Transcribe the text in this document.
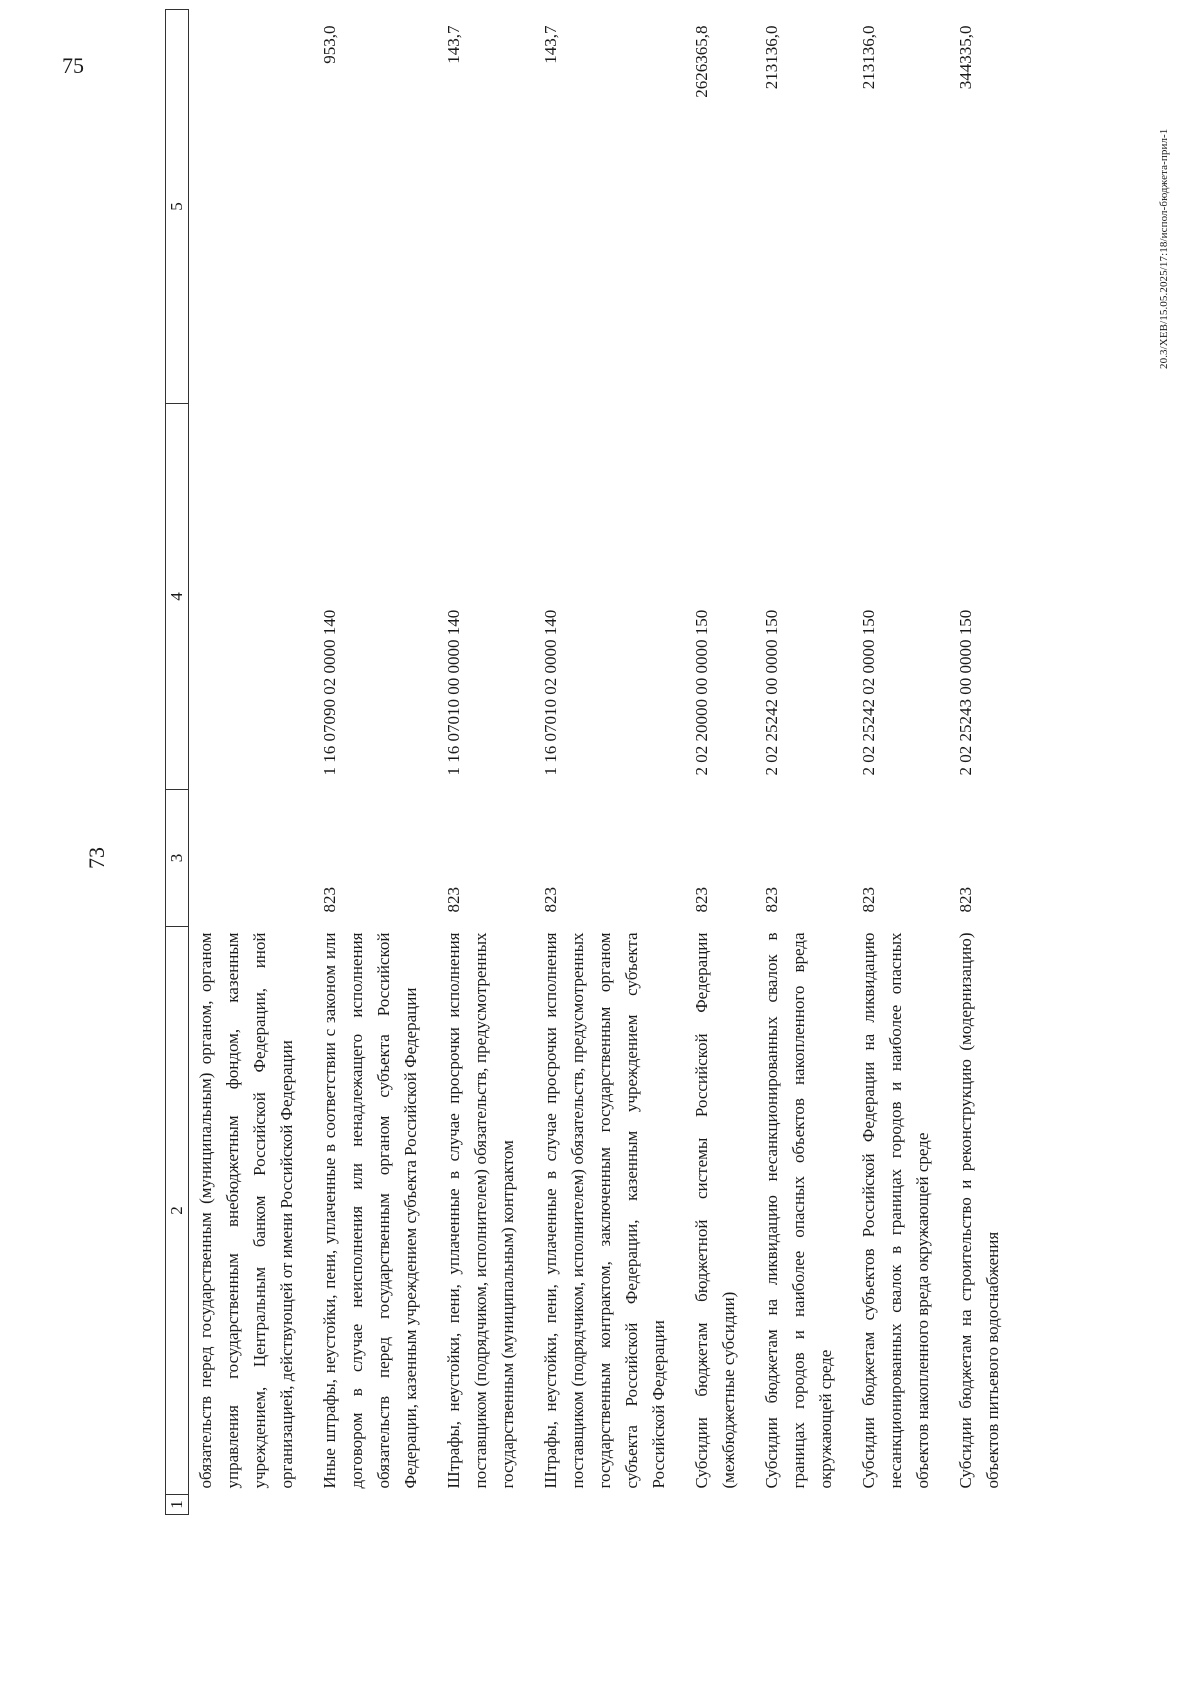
73
75
1	2	3	4	5
	обязательств перед государственным (муниципальным) органом, органом управления государственным внебюджетным фондом, казенным учреждением, Центральным банком Российской Федерации, иной организацией, действующей от имени Российской Федерации			
	Иные штрафы, неустойки, пени, уплаченные в соответствии с законом или договором в случае неисполнения или ненадлежащего исполнения обязательств перед государственным органом субъекта Российской Федерации, казенным учреждением субъекта Российской Федерации	823	1 16 07090 02 0000 140	953,0
	Штрафы, неустойки, пени, уплаченные в случае просрочки исполнения поставщиком (подрядчиком, исполнителем) обязательств, предусмотренных государственным (муниципальным) контрактом	823	1 16 07010 00 0000 140	143,7
	Штрафы, неустойки, пени, уплаченные в случае просрочки исполнения поставщиком (подрядчиком, исполнителем) обязательств, предусмотренных государственным контрактом, заключенным государственным органом субъекта Российской Федерации, казенным учреждением субъекта Российской Федерации	823	1 16 07010 02 0000 140	143,7
	Субсидии бюджетам бюджетной системы Российской Федерации (межбюджетные субсидии)	823	2 02 20000 00 0000 150	2626365,8
	Субсидии бюджетам на ликвидацию несанкционированных свалок в границах городов и наиболее опасных объектов накопленного вреда окружающей среде	823	2 02 25242 00 0000 150	213136,0
	Субсидии бюджетам субъектов Российской Федерации на ликвидацию несанкционированных свалок в границах городов и наиболее опасных объектов накопленного вреда окружающей среде	823	2 02 25242 02 0000 150	213136,0
	Субсидии бюджетам на строительство и реконструкцию (модернизацию) объектов питьевого водоснабжения	823	2 02 25243 00 0000 150	344335,0
20.3/XEB/15.05.2025/17:18/испол-бюджета-прил-1
